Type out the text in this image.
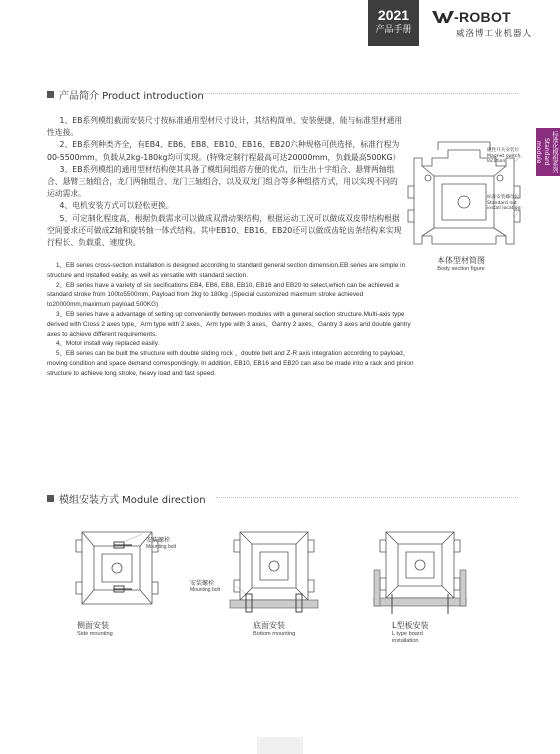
2021
产品手册
-ROBOT
威洛博工业机器人
标准化模组系列 Standard module series
产品简介 Product introduction

1、EB系列模组截面安装尺寸按标准通用型材尺寸设计，其结构简单、安装便捷，能与标准型材通用性连接。

2、EB系列种类齐全，有EB4、EB6、EB8、EB10、EB16、EB20六种规格可供选择，标准行程为00-5500mm，负载从2kg-180kg均可实现。(特殊定制行程最高可达20000mm，负载最高500KG）

3、EB系列模组的通用型材结构使其具备了模组间组搭方便的优点，衍生出十字组合、悬臂两轴组合、悬臂三轴组合，龙门两轴组合、龙门三轴组合，以及双龙门组合等多种组搭方式，用以实现不同的运动需求。

4、电机安装方式可以轻松更换。

5、可定制化程度高，根据负载需求可以做成双滑动架结构，根据运动工况可以做成双皮带结构根据空间要求还可做成Z轴和旋转轴一体式结构。其中EB10、EB16、EB20还可以做成齿轮齿条结构来实现行程长、负载重、速度快。

1、EB series cross-section installation is designed according to standard general section dimension,EB series are simple in structure and installed easily, as well as versatile with standard section.

2、EB series have a variety of six secifications EB4, EB6, EB8, EB10, EB16 and EB20 to select,which can be achieved a standard stroke from 100to5500mm, Payload from 2kg to 180kg .(Special customized maxmum stroke achieved to20000mm,maximum payload 500KG)

3、EB series have a advantage of setting up conveniently between modules with a general section structure.Multi-axis type derived with Cross 2 axes type、Arm type with 2 axes、Arm type with 3 axes、Gantry 2 axes、Gantry 3 axes and double gantry axes to achieve different requirements.

4、Motor install way replaced easily.

5、EB series can be built the structure with double sliding rock 、double belt and Z-R axis integration according to payload、moving condition and space demand correspondingly. In addition, EB10, EB16 and EB20 can also be made into a rack and pinion structure to achieve long stroke, heavy load and fast speed.

磁性开关安装位
Magnet switch
location
标准安装螺母位
Standard nut
install location
本体型材简图
Body section figure
模组安装方式 Module direction
安装螺栓
Mounting bolt
侧面安装
Side mounting
安装螺栓
Mounting bolt
底面安装
Bottom mounting
L型板安装
L type board
installation
